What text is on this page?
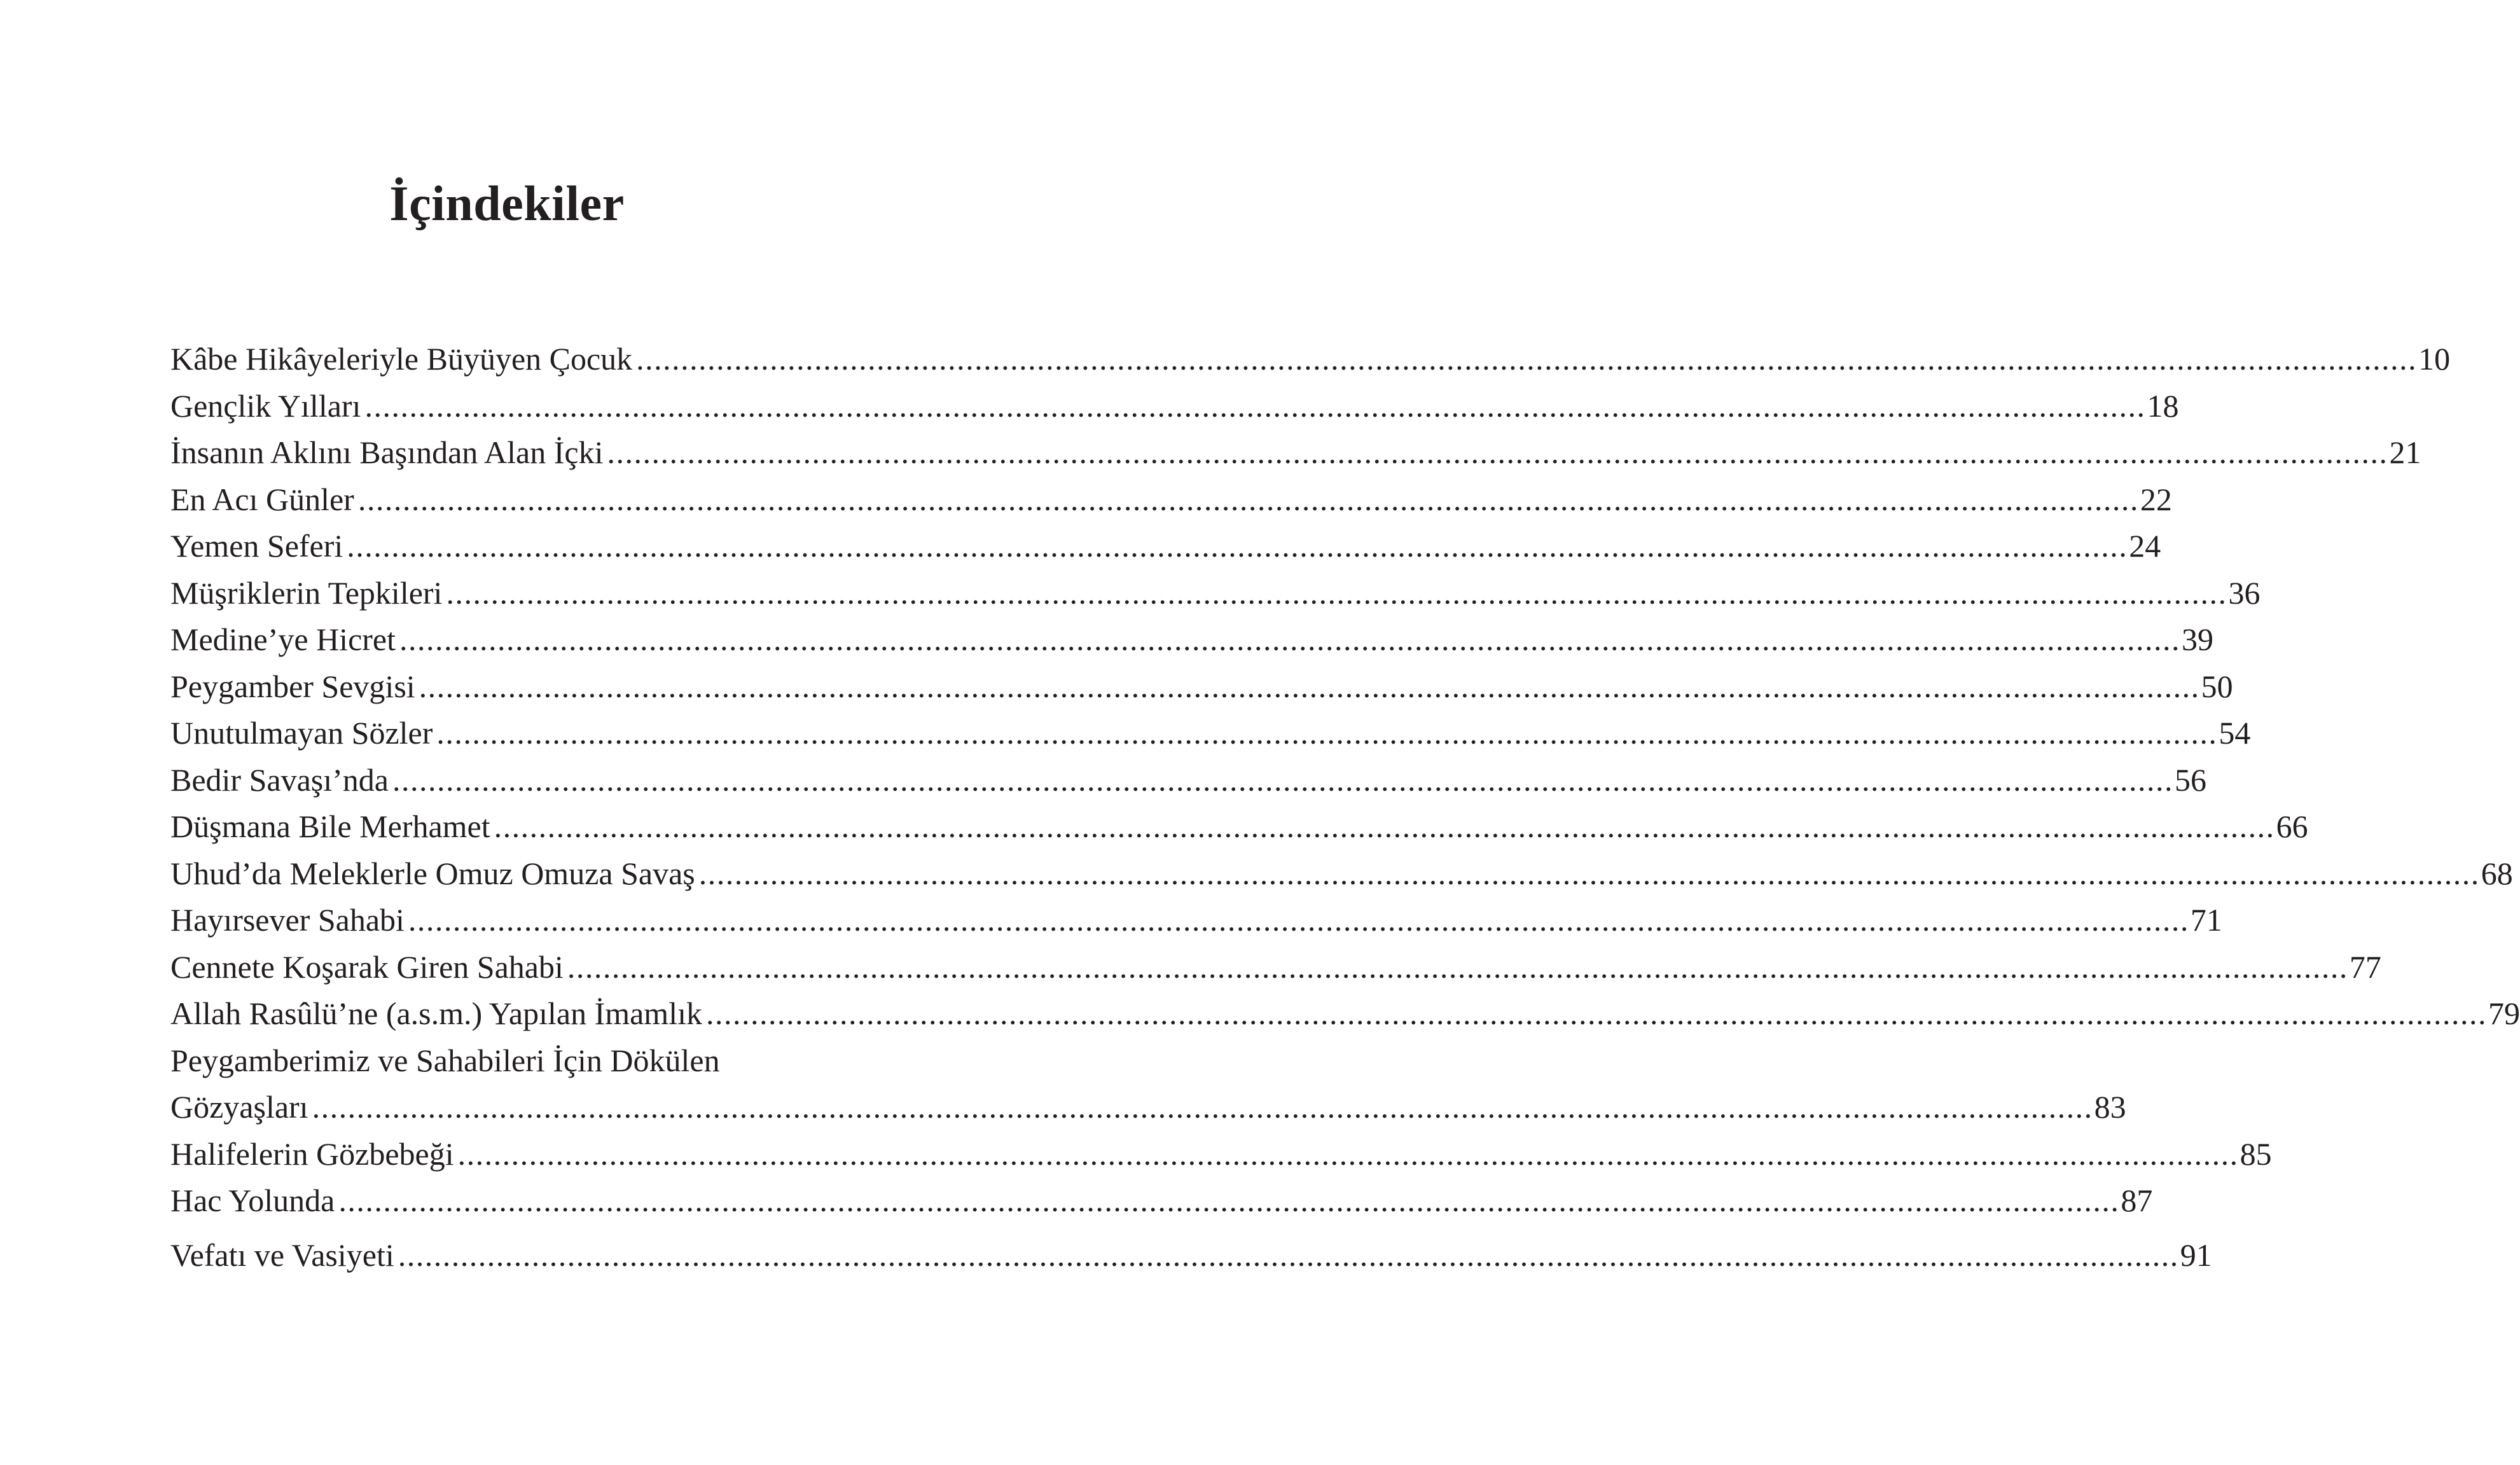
İçindekiler
Kâbe Hikâyeleriyle Büyüyen Çocuk .....	10
Gençlik Yılları .....	18
İnsanın Aklını Başından Alan İçki .....	21
En Acı Günler .....	22
Yemen Seferi .....	24
Müşriklerin Tepkileri .....	36
Medine’ye Hicret .....	39
Peygamber Sevgisi .....	50
Unutulmayan Sözler .....	54
Bedir Savaşı’nda .....	56
Düşmana Bile Merhamet .....	66
Uhud’da Meleklerle Omuz Omuza Savaş .....	68
Hayırsever Sahabi .....	71
Cennete Koşarak Giren Sahabi .....	77
Allah Rasûlü’ne (a.s.m.) Yapılan İmamlık .....	79
Peygamberimiz ve Sahabileri İçin Dökülen
Gözyaşları .....	83
Halifelerin Gözbebeği .....	85
Hac Yolunda .....	87
Vefatı ve Vasiyeti .....	91
